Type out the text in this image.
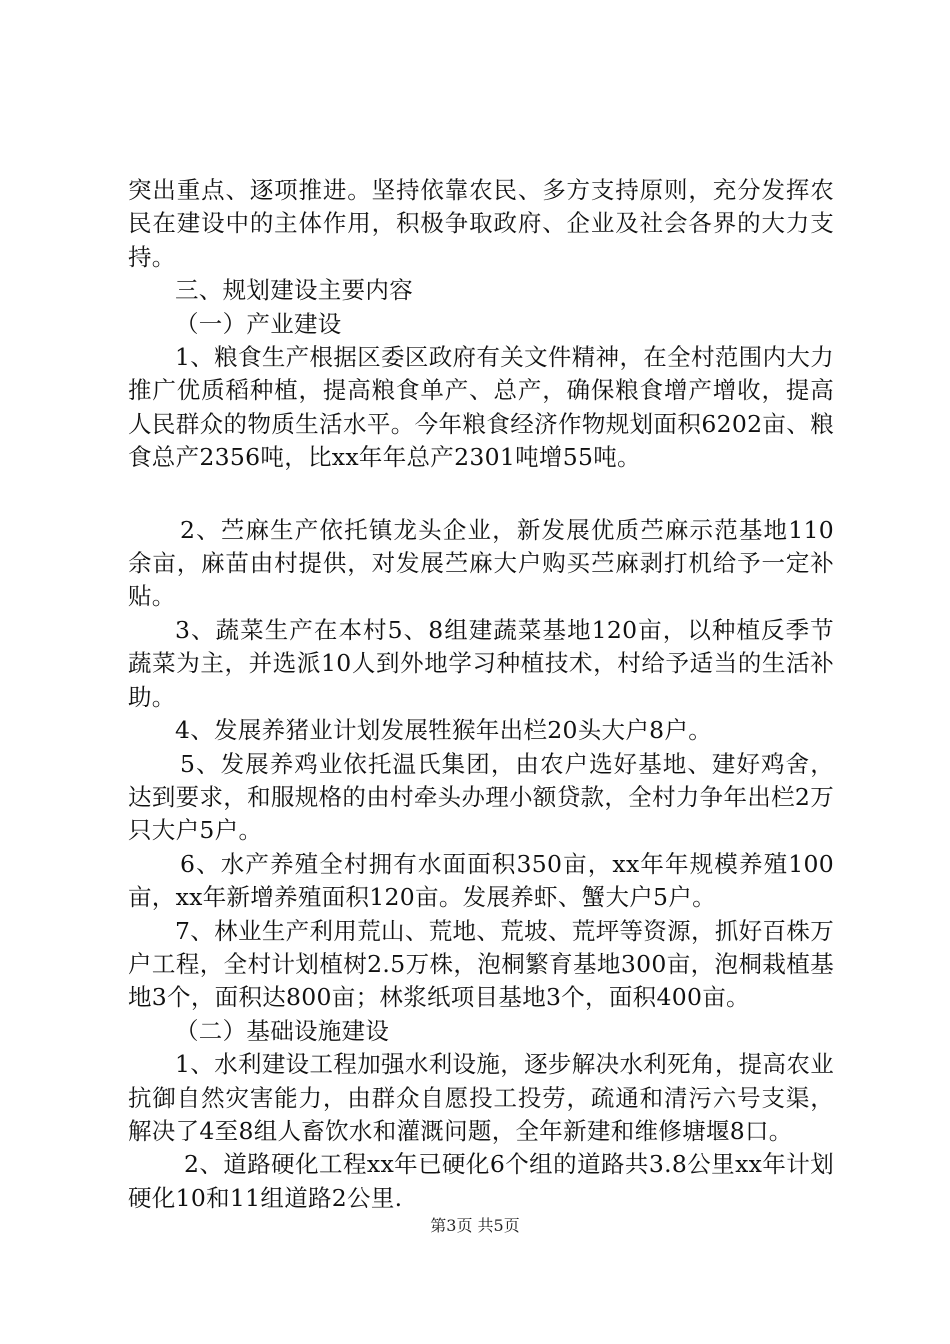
突出重点、逐项推进。坚持依靠农民、多方支持原则，充分发挥农民在建设中的主体作用，积极争取政府、企业及社会各界的大力支持。

三、规划建设主要内容

（一）产业建设

1、粮食生产根据区委区政府有关文件精神，在全村范围内大力推广优质稻种植，提高粮食单产、总产，确保粮食增产增收，提高人民群众的物质生活水平。今年粮食经济作物规划面积6202亩、粮食总产2356吨，比xx年年总产2301吨增55吨。

2、苎麻生产依托镇龙头企业，新发展优质苎麻示范基地110余亩，麻苗由村提供，对发展苎麻大户购买苎麻剥打机给予一定补贴。

3、蔬菜生产在本村5、8组建蔬菜基地120亩，以种植反季节蔬菜为主，并选派10人到外地学习种植技术，村给予适当的生活补助。

4、发展养猪业计划发展牲猴年出栏20头大户8户。

5、发展养鸡业依托温氏集团，由农户选好基地、建好鸡舍，达到要求，和服规格的由村牵头办理小额贷款，全村力争年出栏2万只大户5户。

6、水产养殖全村拥有水面面积350亩，xx年年规模养殖100亩，xx年新增养殖面积120亩。发展养虾、蟹大户5户。

7、林业生产利用荒山、荒地、荒坡、荒坪等资源，抓好百株万户工程，全村计划植树2.5万株，泡桐繁育基地300亩，泡桐栽植基地3个，面积达800亩；林浆纸项目基地3个，面积400亩。

（二）基础设施建设

1、水利建设工程加强水利设施，逐步解决水利死角，提高农业抗御自然灾害能力，由群众自愿投工投劳，疏通和清污六号支渠，解决了4至8组人畜饮水和灌溉问题，全年新建和维修塘堰8口。

2、道路硬化工程xx年已硬化6个组的道路共3.8公里xx年计划硬化10和11组道路2公里.

第3页 共5页
